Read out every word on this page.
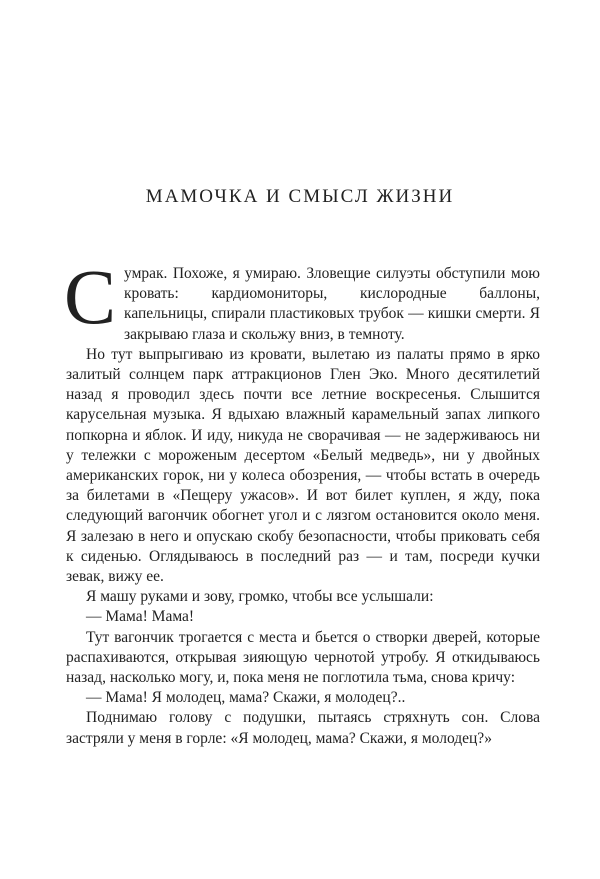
МАМОЧКА И СМЫСЛ ЖИЗНИ

Сумрак. Похоже, я умираю. Зловещие силуэты обступили мою кровать: кардиомониторы, кислородные баллоны, капельницы, спирали пластиковых трубок — кишки смерти. Я закрываю глаза и скольжу вниз, в темноту.

Но тут выпрыгиваю из кровати, вылетаю из палаты прямо в ярко залитый солнцем парк аттракционов Глен Эко. Много десятилетий назад я проводил здесь почти все летние воскресенья. Слышится карусельная музыка. Я вдыхаю влажный карамельный запах липкого попкорна и яблок. И иду, никуда не сворачивая — не задерживаюсь ни у тележки с мороженым десертом «Белый медведь», ни у двойных американских горок, ни у колеса обозрения, — чтобы встать в очередь за билетами в «Пещеру ужасов». И вот билет куплен, я жду, пока следующий вагончик обогнет угол и с лязгом остановится около меня. Я залезаю в него и опускаю скобу безопасности, чтобы приковать себя к сиденью. Оглядываюсь в последний раз — и там, посреди кучки зевак, вижу ее.

Я машу руками и зову, громко, чтобы все услышали:

— Мама! Мама!

Тут вагончик трогается с места и бьется о створки дверей, которые распахиваются, открывая зияющую чернотой утробу. Я откидываюсь назад, насколько могу, и, пока меня не поглотила тьма, снова кричу:

— Мама! Я молодец, мама? Скажи, я молодец?..

Поднимаю голову с подушки, пытаясь стряхнуть сон. Слова застряли у меня в горле: «Я молодец, мама? Скажи, я молодец?»
